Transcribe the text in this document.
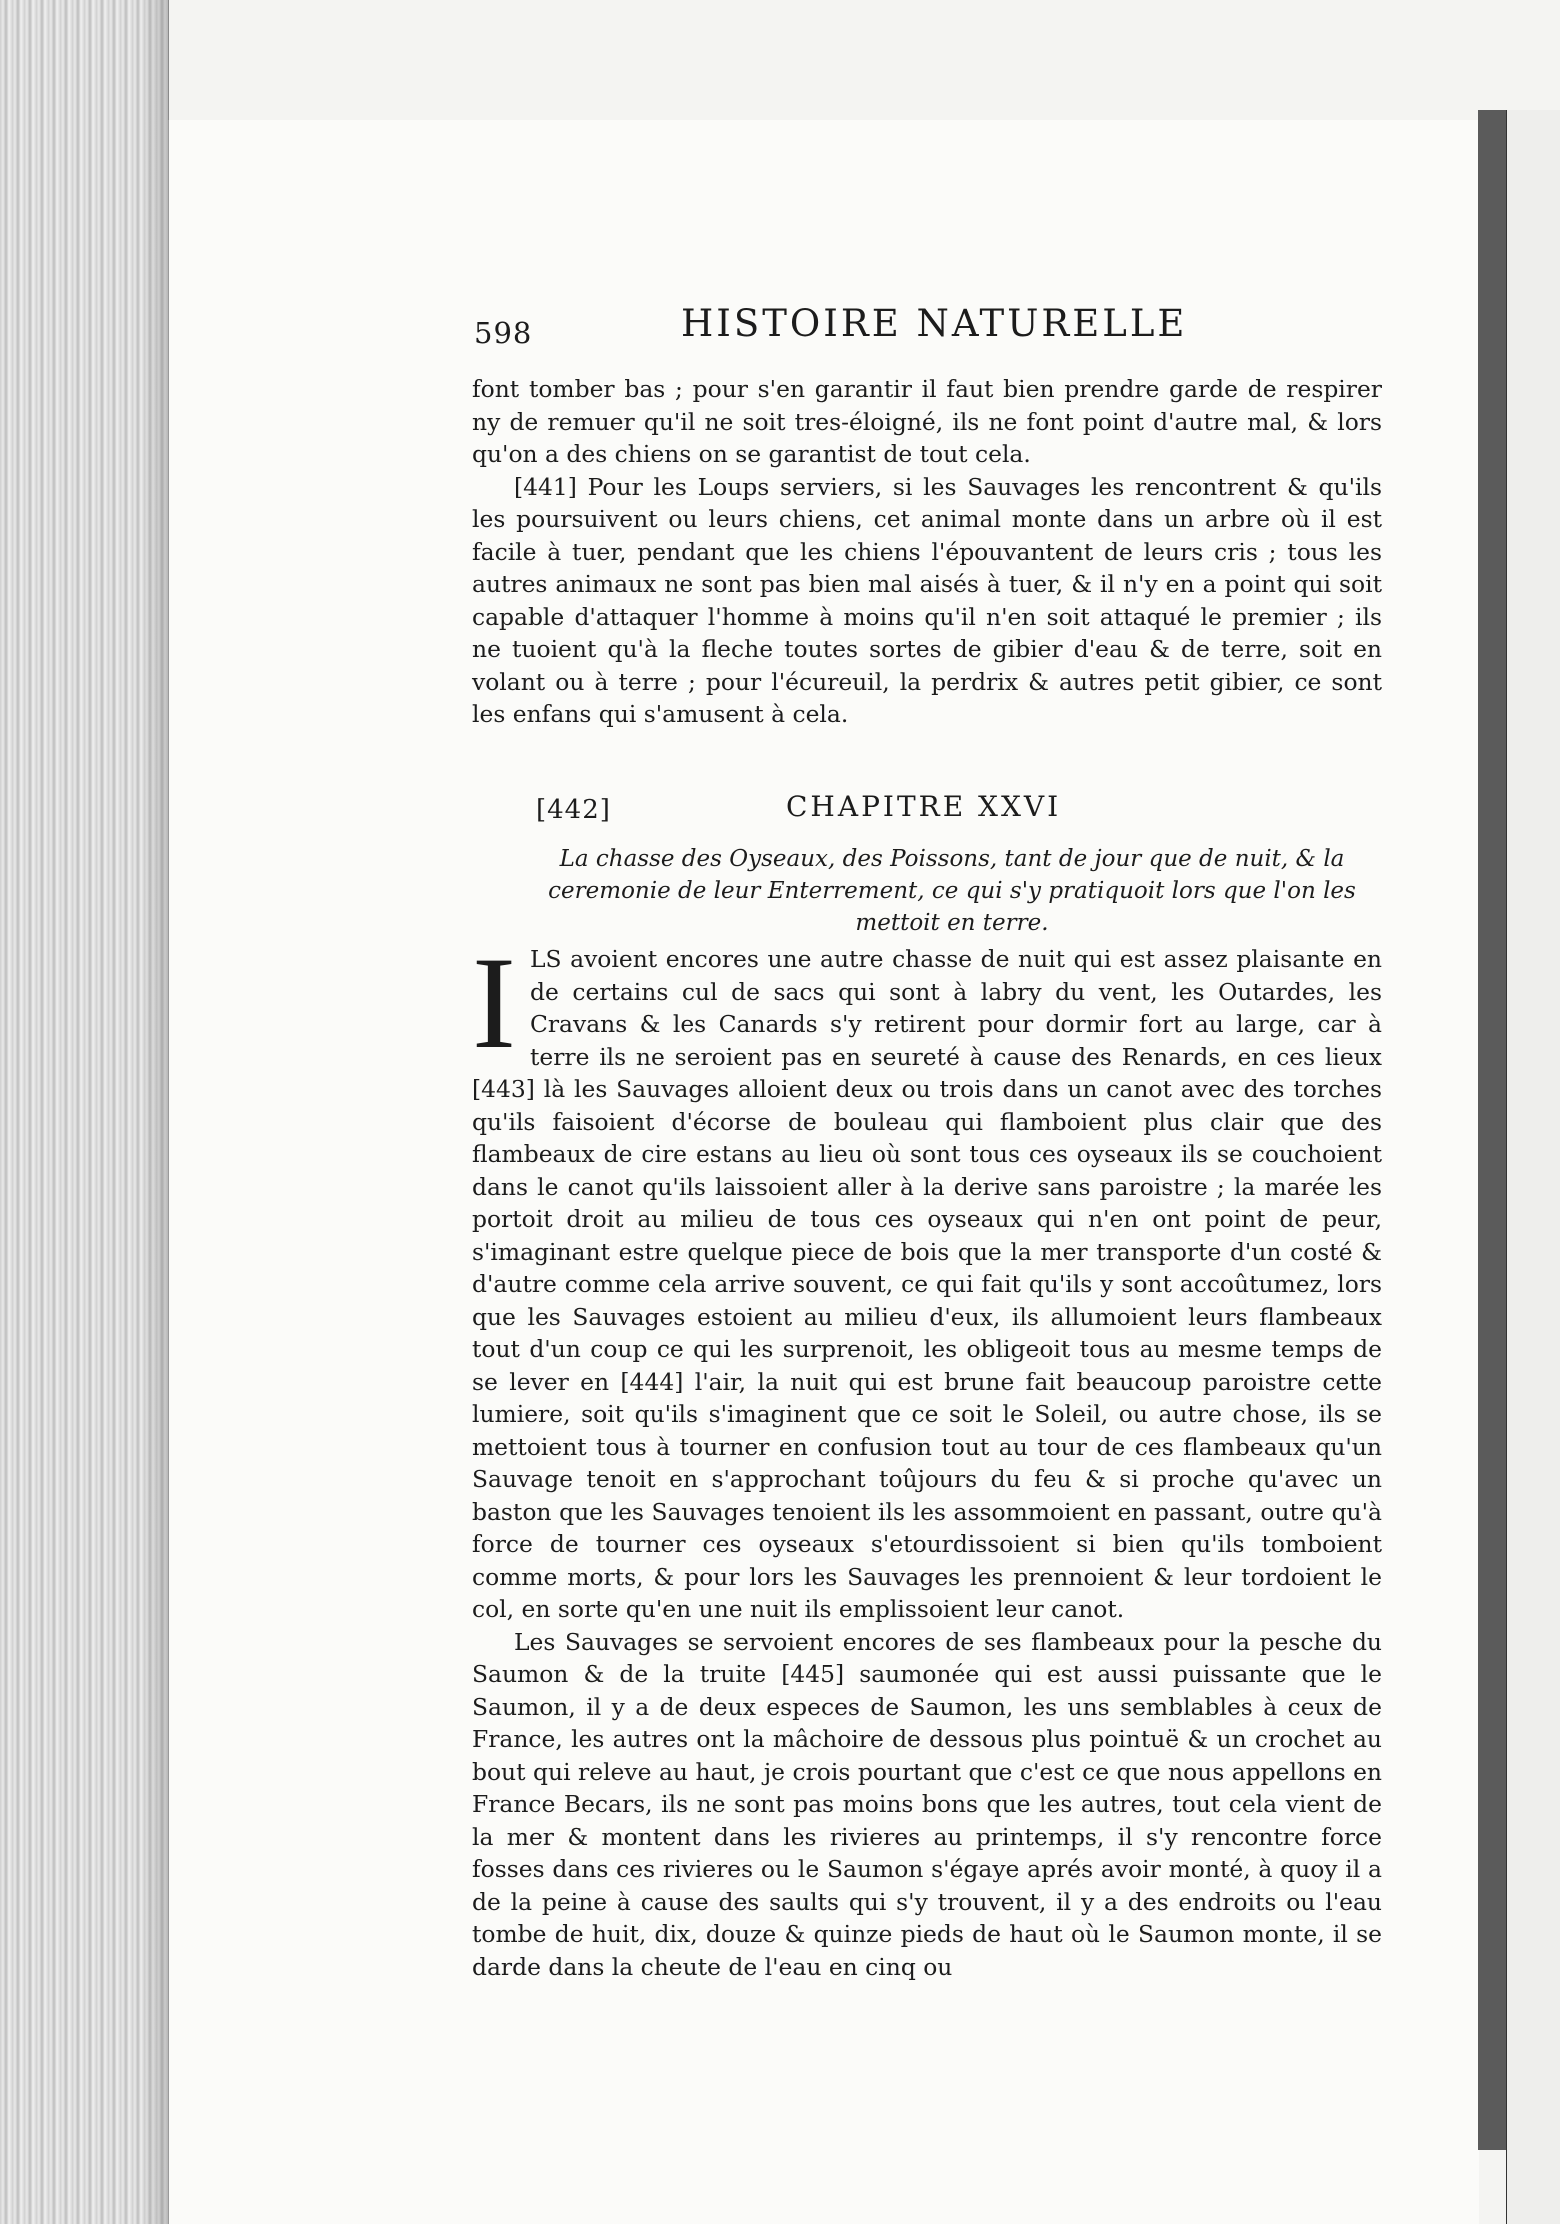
598	HISTOIRE NATURELLE

font tomber bas ; pour s'en garantir il faut bien prendre garde de respirer ny de remuer qu'il ne soit tres-éloigné, ils ne font point d'autre mal, & lors qu'on a des chiens on se garantist de tout cela.

[441] Pour les Loups serviers, si les Sauvages les rencontrent & qu'ils les poursuivent ou leurs chiens, cet animal monte dans un arbre où il est facile à tuer, pendant que les chiens l'épouvantent de leurs cris ; tous les autres animaux ne sont pas bien mal aisés à tuer, & il n'y en a point qui soit capable d'attaquer l'homme à moins qu'il n'en soit attaqué le premier ; ils ne tuoient qu'à la fleche toutes sortes de gibier d'eau & de terre, soit en volant ou à terre ; pour l'écureuil, la perdrix & autres petit gibier, ce sont les enfans qui s'amusent à cela.

[442]	CHAPITRE XXVI
La chasse des Oyseaux, des Poissons, tant de jour que de nuit, & la ceremonie de leur Enterrement, ce qui s'y pratiquoit lors que l'on les mettoit en terre.

ILS avoient encores une autre chasse de nuit qui est assez plaisante en de certains cul de sacs qui sont à labry du vent, les Outardes, les Cravans & les Canards s'y retirent pour dormir fort au large, car à terre ils ne seroient pas en seureté à cause des Renards, en ces lieux [443] là les Sauvages alloient deux ou trois dans un canot avec des torches qu'ils faisoient d'écorse de bouleau qui flamboient plus clair que des flambeaux de cire estans au lieu où sont tous ces oyseaux ils se couchoient dans le canot qu'ils laissoient aller à la derive sans paroistre ; la marée les portoit droit au milieu de tous ces oyseaux qui n'en ont point de peur, s'imaginant estre quelque piece de bois que la mer transporte d'un costé & d'autre comme cela arrive souvent, ce qui fait qu'ils y sont accoûtumez, lors que les Sauvages estoient au milieu d'eux, ils allumoient leurs flambeaux tout d'un coup ce qui les surprenoit, les obligeoit tous au mesme temps de se lever en [444] l'air, la nuit qui est brune fait beaucoup paroistre cette lumiere, soit qu'ils s'imaginent que ce soit le Soleil, ou autre chose, ils se mettoient tous à tourner en confusion tout au tour de ces flambeaux qu'un Sauvage tenoit en s'approchant toûjours du feu & si proche qu'avec un baston que les Sauvages tenoient ils les assommoient en passant, outre qu'à force de tourner ces oyseaux s'etourdissoient si bien qu'ils tomboient comme morts, & pour lors les Sauvages les prennoient & leur tordoient le col, en sorte qu'en une nuit ils emplissoient leur canot.

Les Sauvages se servoient encores de ses flambeaux pour la pesche du Saumon & de la truite [445] saumonée qui est aussi puissante que le Saumon, il y a de deux especes de Saumon, les uns semblables à ceux de France, les autres ont la mâchoire de dessous plus pointuë & un crochet au bout qui releve au haut, je crois pourtant que c'est ce que nous appellons en France Becars, ils ne sont pas moins bons que les autres, tout cela vient de la mer & montent dans les rivieres au printemps, il s'y rencontre force fosses dans ces rivieres ou le Saumon s'égaye aprés avoir monté, à quoy il a de la peine à cause des saults qui s'y trouvent, il y a des endroits ou l'eau tombe de huit, dix, douze & quinze pieds de haut où le Saumon monte, il se darde dans la cheute de l'eau en cinq ou
